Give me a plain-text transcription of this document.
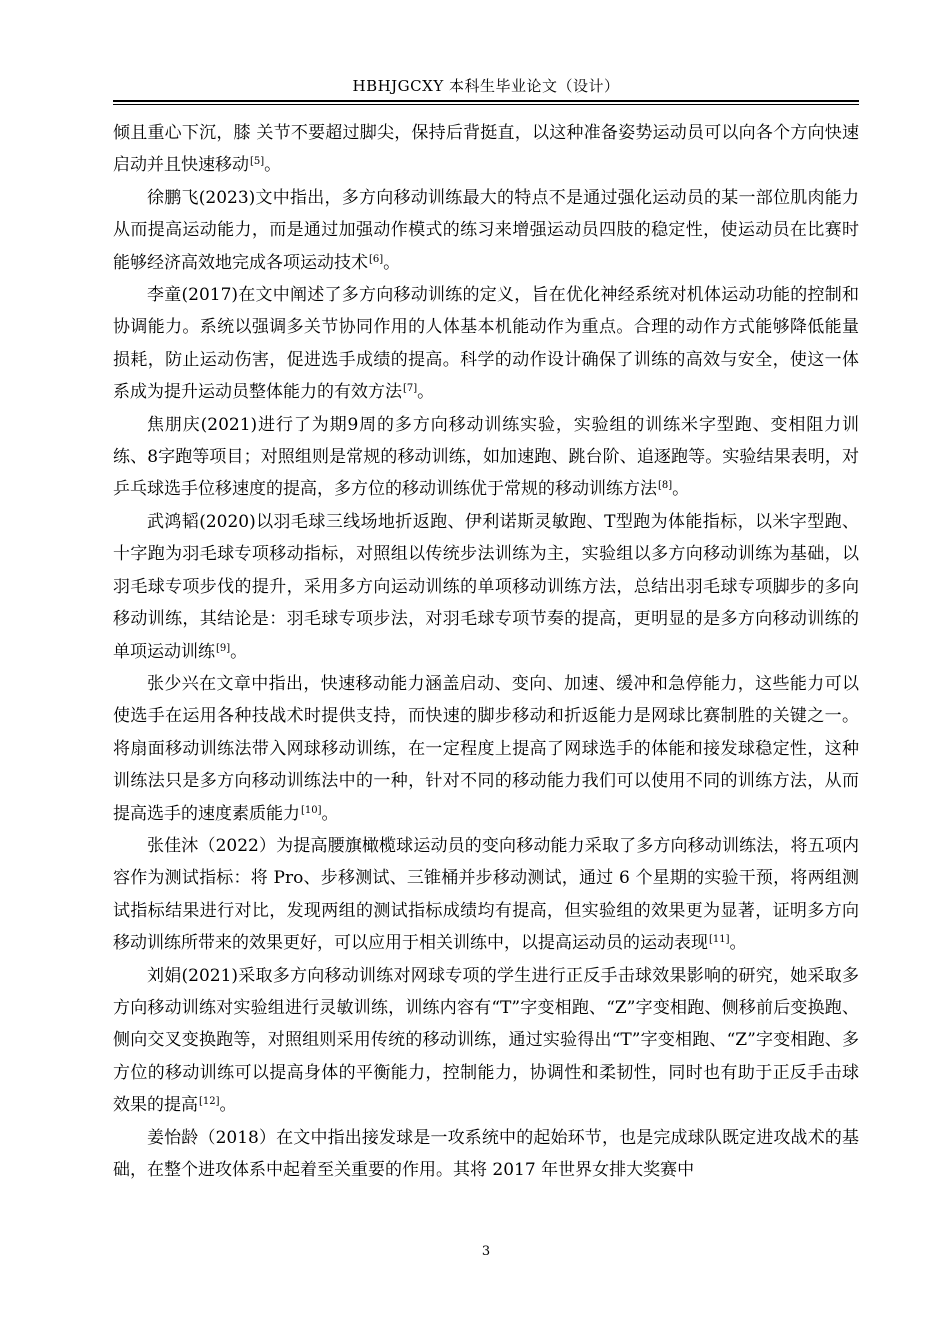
HBHJGCXY 本科生毕业论文（设计）

倾且重心下沉，膝 关节不要超过脚尖，保持后背挺直，以这种准备姿势运动员可以向各个方向快速启动并且快速移动[5]。

徐鹏飞(2023)文中指出，多方向移动训练最大的特点不是通过强化运动员的某一部位肌肉能力从而提高运动能力，而是通过加强动作模式的练习来增强运动员四肢的稳定性，使运动员在比赛时能够经济高效地完成各项运动技术[6]。

李童(2017)在文中阐述了多方向移动训练的定义，旨在优化神经系统对机体运动功能的控制和协调能力。系统以强调多关节协同作用的人体基本机能动作为重点。合理的动作方式能够降低能量损耗，防止运动伤害，促进选手成绩的提高。科学的动作设计确保了训练的高效与安全，使这一体系成为提升运动员整体能力的有效方法[7]。

焦朋庆(2021)进行了为期9周的多方向移动训练实验，实验组的训练米字型跑、变相阻力训练、8字跑等项目；对照组则是常规的移动训练，如加速跑、跳台阶、追逐跑等。实验结果表明，对乒乓球选手位移速度的提高，多方位的移动训练优于常规的移动训练方法[8]。

武鸿韬(2020)以羽毛球三线场地折返跑、伊利诺斯灵敏跑、T型跑为体能指标，以米字型跑、十字跑为羽毛球专项移动指标，对照组以传统步法训练为主，实验组以多方向移动训练为基础，以羽毛球专项步伐的提升，采用多方向运动训练的单项移动训练方法，总结出羽毛球专项脚步的多向移动训练，其结论是：羽毛球专项步法，对羽毛球专项节奏的提高，更明显的是多方向移动训练的单项运动训练[9]。

张少兴在文章中指出，快速移动能力涵盖启动、变向、加速、缓冲和急停能力，这些能力可以使选手在运用各种技战术时提供支持，而快速的脚步移动和折返能力是网球比赛制胜的关键之一。将扇面移动训练法带入网球移动训练，在一定程度上提高了网球选手的体能和接发球稳定性，这种训练法只是多方向移动训练法中的一种，针对不同的移动能力我们可以使用不同的训练方法，从而提高选手的速度素质能力[10]。

张佳沐（2022）为提高腰旗橄榄球运动员的变向移动能力采取了多方向移动训练法，将五项内容作为测试指标：将 Pro、步移测试、三锥桶并步移动测试，通过 6 个星期的实验干预，将两组测试指标结果进行对比，发现两组的测试指标成绩均有提高，但实验组的效果更为显著，证明多方向移动训练所带来的效果更好，可以应用于相关训练中，以提高运动员的运动表现[11]。

刘娟(2021)采取多方向移动训练对网球专项的学生进行正反手击球效果影响的研究，她采取多方向移动训练对实验组进行灵敏训练，训练内容有“T”字变相跑、“Z”字变相跑、侧移前后变换跑、侧向交叉变换跑等，对照组则采用传统的移动训练，通过实验得出“T”字变相跑、“Z”字变相跑、多方位的移动训练可以提高身体的平衡能力，控制能力，协调性和柔韧性，同时也有助于正反手击球效果的提高[12]。

姜怡龄（2018）在文中指出接发球是一攻系统中的起始环节，也是完成球队既定进攻战术的基础，在整个进攻体系中起着至关重要的作用。其将 2017 年世界女排大奖赛中

3
